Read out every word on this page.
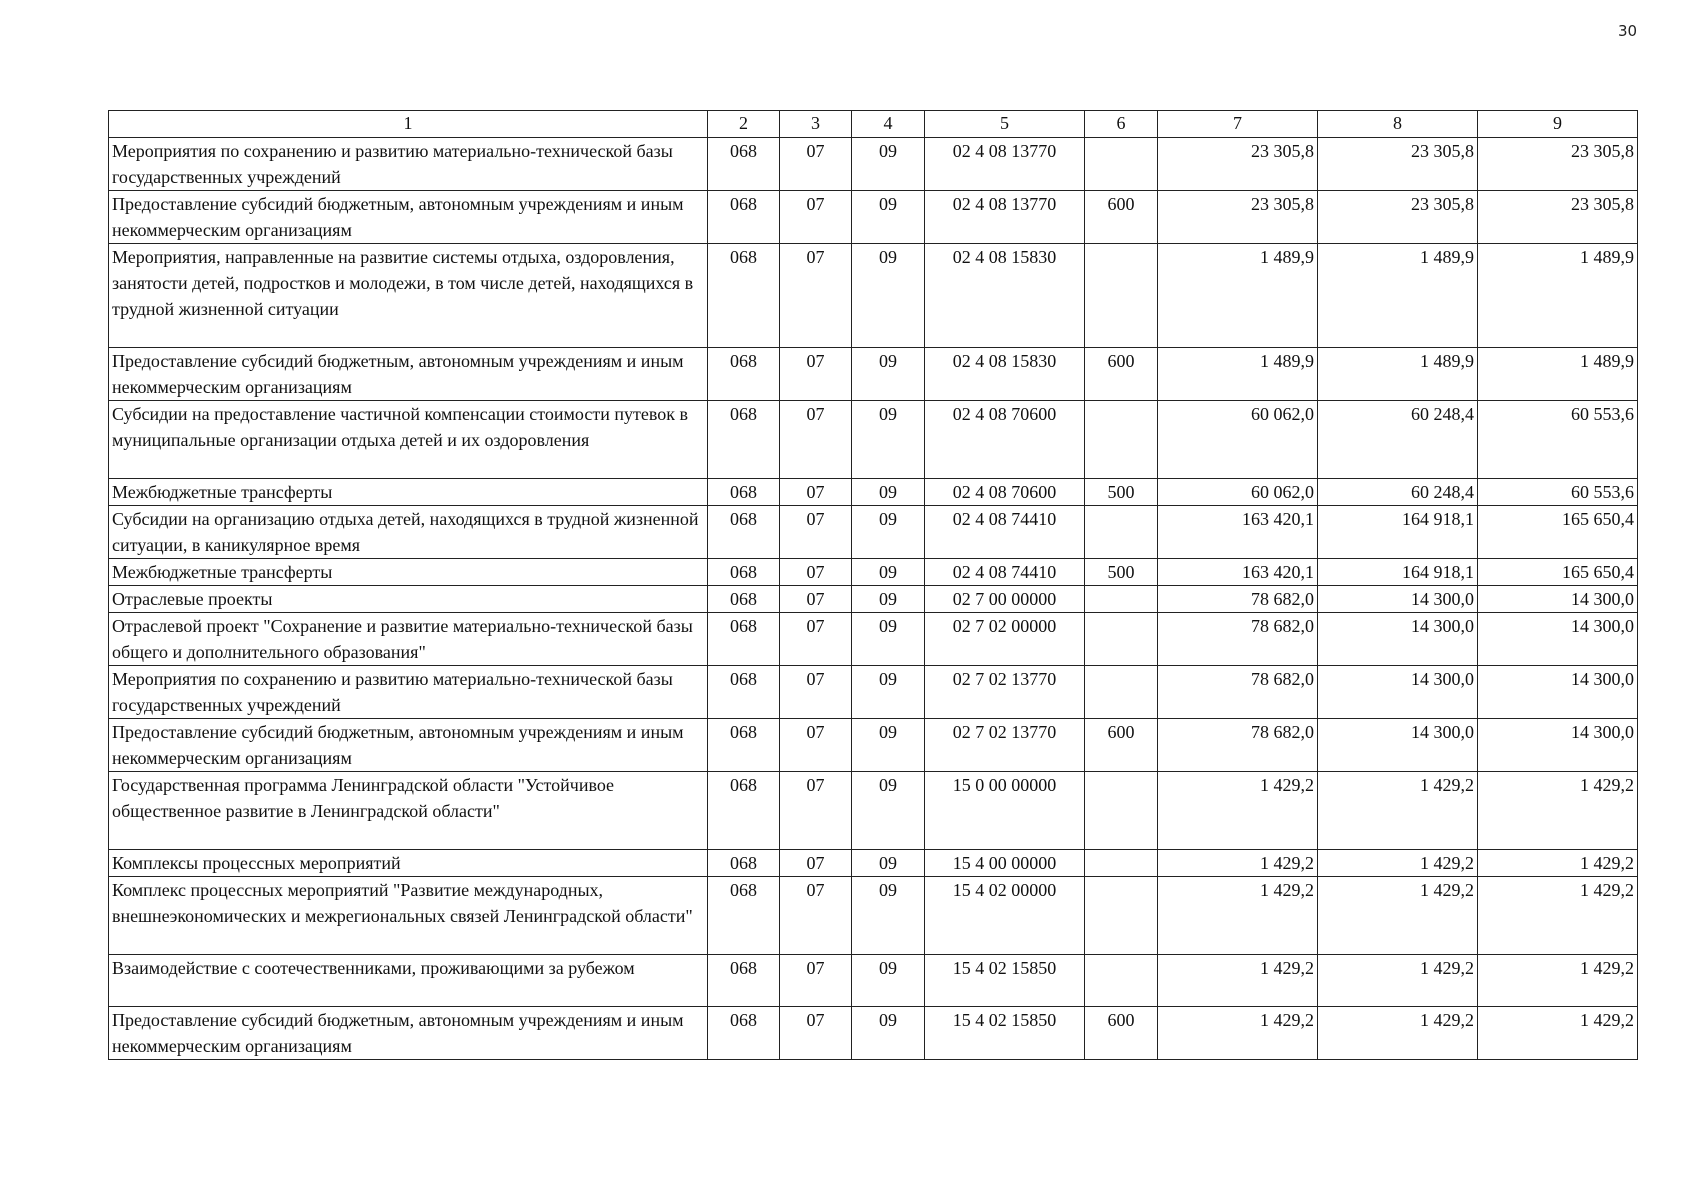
30
1	2	3	4	5	6	7	8	9
Мероприятия по сохранению и развитию материально-технической базы государственных учреждений	068	07	09	02 4 08 13770		23 305,8	23 305,8	23 305,8
Предоставление субсидий бюджетным, автономным учреждениям и иным некоммерческим организациям	068	07	09	02 4 08 13770	600	23 305,8	23 305,8	23 305,8
Мероприятия, направленные на развитие системы отдыха, оздоровления, занятости детей, подростков и молодежи, в том числе детей, находящихся в трудной жизненной ситуации	068	07	09	02 4 08 15830		1 489,9	1 489,9	1 489,9
Предоставление субсидий бюджетным, автономным учреждениям и иным некоммерческим организациям	068	07	09	02 4 08 15830	600	1 489,9	1 489,9	1 489,9
Субсидии на предоставление частичной компенсации стоимости путевок в муниципальные организации отдыха детей и их оздоровления	068	07	09	02 4 08 70600		60 062,0	60 248,4	60 553,6
Межбюджетные трансферты	068	07	09	02 4 08 70600	500	60 062,0	60 248,4	60 553,6
Субсидии на организацию отдыха детей, находящихся в трудной жизненной ситуации, в каникулярное время	068	07	09	02 4 08 74410		163 420,1	164 918,1	165 650,4
Межбюджетные трансферты	068	07	09	02 4 08 74410	500	163 420,1	164 918,1	165 650,4
Отраслевые проекты	068	07	09	02 7 00 00000		78 682,0	14 300,0	14 300,0
Отраслевой проект "Сохранение и развитие материально-технической базы общего и дополнительного образования"	068	07	09	02 7 02 00000		78 682,0	14 300,0	14 300,0
Мероприятия по сохранению и развитию материально-технической базы государственных учреждений	068	07	09	02 7 02 13770		78 682,0	14 300,0	14 300,0
Предоставление субсидий бюджетным, автономным учреждениям и иным некоммерческим организациям	068	07	09	02 7 02 13770	600	78 682,0	14 300,0	14 300,0
Государственная программа Ленинградской области "Устойчивое общественное развитие в Ленинградской области"	068	07	09	15 0 00 00000		1 429,2	1 429,2	1 429,2
Комплексы процессных мероприятий	068	07	09	15 4 00 00000		1 429,2	1 429,2	1 429,2
Комплекс процессных мероприятий "Развитие международных, внешнеэкономических и межрегиональных связей Ленинградской области"	068	07	09	15 4 02 00000		1 429,2	1 429,2	1 429,2
Взаимодействие с соотечественниками, проживающими за рубежом	068	07	09	15 4 02 15850		1 429,2	1 429,2	1 429,2
Предоставление субсидий бюджетным, автономным учреждениям и иным некоммерческим организациям	068	07	09	15 4 02 15850	600	1 429,2	1 429,2	1 429,2
